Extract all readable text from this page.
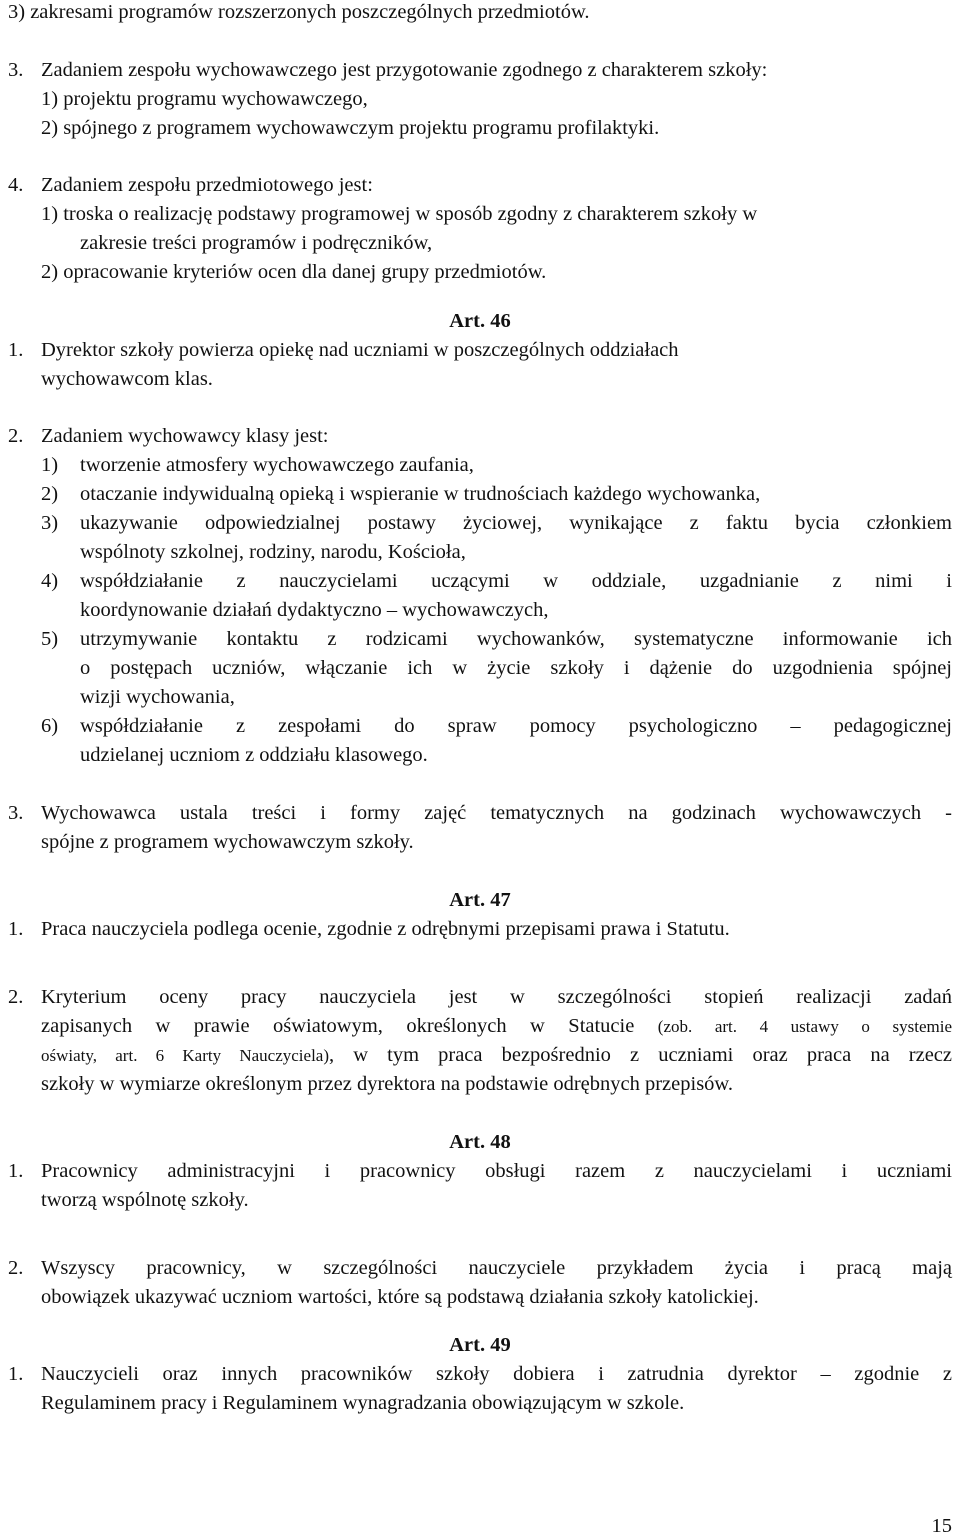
3) zakresami programów rozszerzonych poszczególnych przedmiotów.
3. Zadaniem zespołu wychowawczego jest przygotowanie zgodnego z charakterem szkoły:
1) projektu programu wychowawczego,
2) spójnego z programem wychowawczym projektu programu profilaktyki.
4. Zadaniem zespołu przedmiotowego jest:
1) troska o realizację podstawy programowej w sposób zgodny z charakterem szkoły w
zakresie treści programów i podręczników,
2) opracowanie kryteriów ocen dla danej grupy przedmiotów.
Art. 46
1. Dyrektor szkoły powierza opiekę nad uczniami w poszczególnych oddziałach
wychowawcom klas.
2. Zadaniem wychowawcy klasy jest:
1) tworzenie atmosfery wychowawczego zaufania,
2) otaczanie indywidualną opieką i wspieranie w trudnościach każdego wychowanka,
3) ukazywanie odpowiedzialnej postawy życiowej, wynikające z faktu bycia członkiem
wspólnoty szkolnej, rodziny, narodu, Kościoła,
4) współdziałanie z nauczycielami uczącymi w oddziale, uzgadnianie z nimi i
koordynowanie działań dydaktyczno – wychowawczych,
5) utrzymywanie kontaktu z rodzicami wychowanków, systematyczne informowanie ich
o postępach uczniów, włączanie ich w życie szkoły i dążenie do uzgodnienia spójnej
wizji wychowania,
6) współdziałanie z zespołami do spraw pomocy psychologiczno – pedagogicznej
udzielanej uczniom z oddziału klasowego.
3. Wychowawca ustala treści i formy zajęć tematycznych na godzinach wychowawczych -
spójne z programem wychowawczym szkoły.
Art. 47
1. Praca nauczyciela podlega ocenie, zgodnie z odrębnymi przepisami prawa i Statutu.
2. Kryterium oceny pracy nauczyciela jest w szczególności stopień realizacji zadań
zapisanych w prawie oświatowym, określonych w Statucie (zob. art. 4 ustawy o systemie
oświaty, art. 6 Karty Nauczyciela), w tym praca bezpośrednio z uczniami oraz praca na rzecz
szkoły w wymiarze określonym przez dyrektora na podstawie odrębnych przepisów.
Art. 48
1. Pracownicy administracyjni i pracownicy obsługi razem z nauczycielami i uczniami
tworzą wspólnotę szkoły.
2. Wszyscy pracownicy, w szczególności nauczyciele przykładem życia i pracą mają
obowiązek ukazywać uczniom wartości, które są podstawą działania szkoły katolickiej.
Art. 49
1. Nauczycieli oraz innych pracowników szkoły dobiera i zatrudnia dyrektor – zgodnie z
Regulaminem pracy i Regulaminem wynagradzania obowiązującym w szkole.
15
